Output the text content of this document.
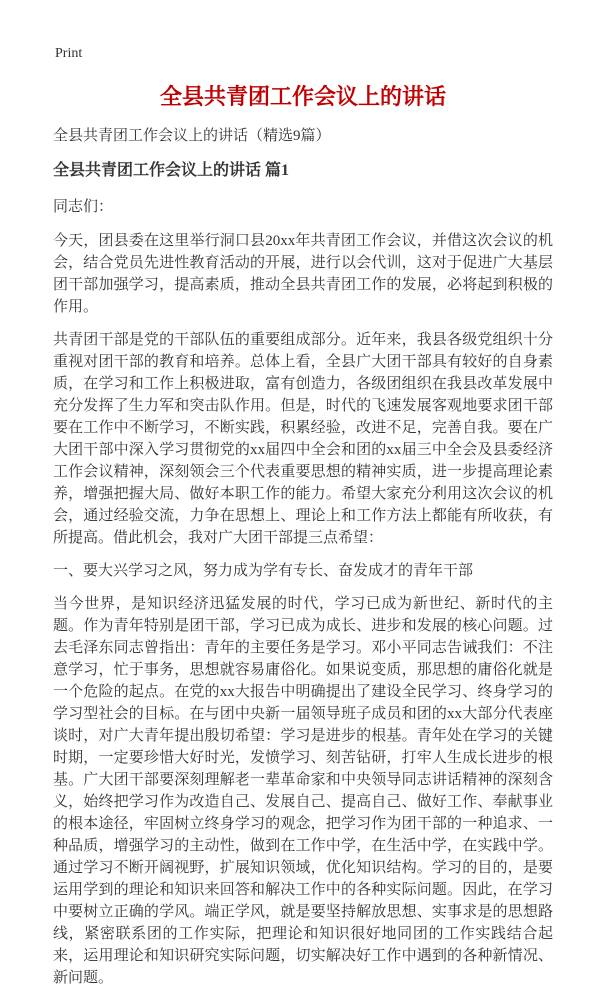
Print
全县共青团工作会议上的讲话

全县共青团工作会议上的讲话（精选9篇）

全县共青团工作会议上的讲话 篇1

同志们：

今天，团县委在这里举行洞口县20xx年共青团工作会议，并借这次会议的机会，结合党员先进性教育活动的开展，进行以会代训，这对于促进广大基层团干部加强学习，提高素质，推动全县共青团工作的发展，必将起到积极的作用。

共青团干部是党的干部队伍的重要组成部分。近年来，我县各级党组织十分重视对团干部的教育和培养。总体上看，全县广大团干部具有较好的自身素质，在学习和工作上积极进取，富有创造力，各级团组织在我县改革发展中充分发挥了生力军和突击队作用。但是，时代的飞速发展客观地要求团干部要在工作中不断学习，不断实践，积累经验，改进不足，完善自我。要在广大团干部中深入学习贯彻党的xx届四中全会和团的xx届三中全会及县委经济工作会议精神，深刻领会三个代表重要思想的精神实质，进一步提高理论素养，增强把握大局、做好本职工作的能力。希望大家充分利用这次会议的机会，通过经验交流，力争在思想上、理论上和工作方法上都能有所收获，有所提高。借此机会，我对广大团干部提三点希望：

一、要大兴学习之风，努力成为学有专长、奋发成才的青年干部

当今世界，是知识经济迅猛发展的时代，学习已成为新世纪、新时代的主题。作为青年特别是团干部，学习已成为成长、进步和发展的核心问题。过去毛泽东同志曾指出：青年的主要任务是学习。邓小平同志告诫我们：不注意学习，忙于事务，思想就容易庸俗化。如果说变质，那思想的庸俗化就是一个危险的起点。在党的xx大报告中明确提出了建设全民学习、终身学习的学习型社会的目标。在与团中央新一届领导班子成员和团的xx大部分代表座谈时，对广大青年提出殷切希望：学习是进步的根基。青年处在学习的关键时期，一定要珍惜大好时光，发愤学习、刻苦钻研，打牢人生成长进步的根基。广大团干部要深刻理解老一辈革命家和中央领导同志讲话精神的深刻含义，始终把学习作为改造自己、发展自己、提高自己、做好工作、奉献事业的根本途径，牢固树立终身学习的观念，把学习作为团干部的一种追求、一种品质，增强学习的主动性，做到在工作中学，在生活中学，在实践中学。通过学习不断开阔视野，扩展知识领域，优化知识结构。学习的目的，是要运用学到的理论和知识来回答和解决工作中的各种实际问题。因此，在学习中要树立正确的学风。端正学风，就是要坚持解放思想、实事求是的思想路线，紧密联系团的工作实际，把理论和知识很好地同团的工作实践结合起来，运用理论和知识研究实际问题，切实解决好工作中遇到的各种新情况、新问题。
